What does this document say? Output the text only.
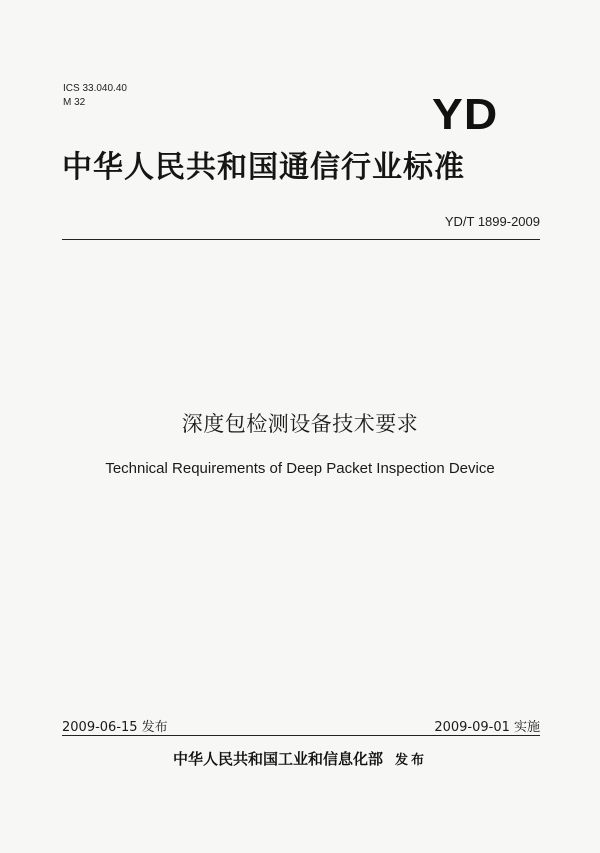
ICS 33.040.40
M 32	YD
中华人民共和国通信行业标准
YD/T 1899-2009
深度包检测设备技术要求
Technical Requirements of Deep Packet Inspection Device
2009-06-15 发布	2009-09-01 实施
中华人民共和国工业和信息化部 发布
